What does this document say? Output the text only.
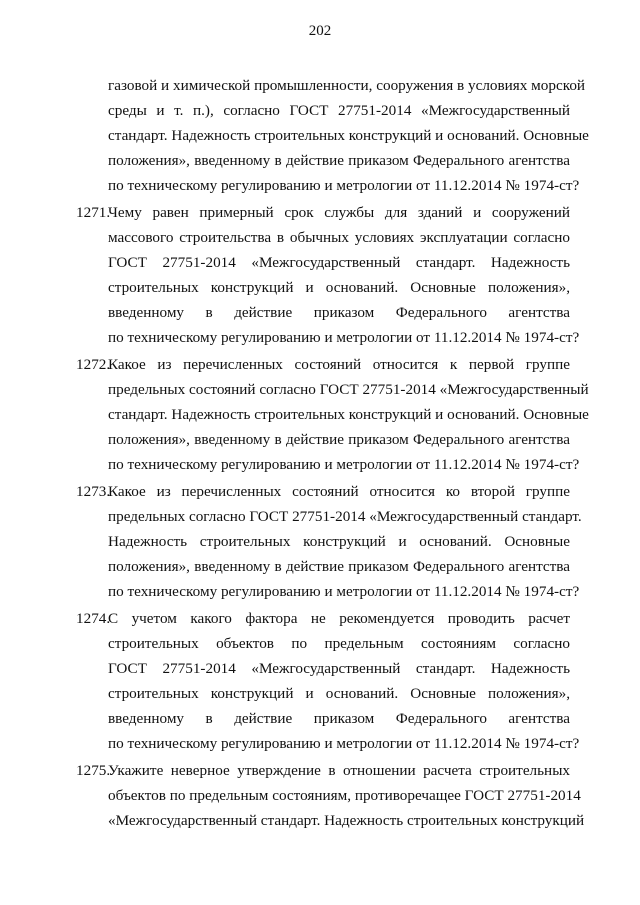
202
газовой и химической промышленности, сооружения в условиях морской
среды и т. п.), согласно ГОСТ 27751-2014 «Межгосударственный
стандарт. Надежность строительных конструкций и оснований. Основные
положения», введенному в действие приказом Федерального агентства
по техническому регулированию и метрологии от 11.12.2014 № 1974-ст?
1271.
Чему равен примерный срок службы для зданий и сооружений
массового строительства в обычных условиях эксплуатации согласно
ГОСТ 27751-2014 «Межгосударственный стандарт. Надежность
строительных конструкций и оснований. Основные положения»,
введенному в действие приказом Федерального агентства
по техническому регулированию и метрологии от 11.12.2014 № 1974-ст?
1272.
Какое из перечисленных состояний относится к первой группе
предельных состояний согласно ГОСТ 27751-2014 «Межгосударственный
стандарт. Надежность строительных конструкций и оснований. Основные
положения», введенному в действие приказом Федерального агентства
по техническому регулированию и метрологии от 11.12.2014 № 1974-ст?
1273.
Какое из перечисленных состояний относится ко второй группе
предельных согласно ГОСТ 27751-2014 «Межгосударственный стандарт.
Надежность строительных конструкций и оснований. Основные
положения», введенному в действие приказом Федерального агентства
по техническому регулированию и метрологии от 11.12.2014 № 1974-ст?
1274.
С учетом какого фактора не рекомендуется проводить расчет
строительных объектов по предельным состояниям согласно
ГОСТ 27751-2014 «Межгосударственный стандарт. Надежность
строительных конструкций и оснований. Основные положения»,
введенному в действие приказом Федерального агентства
по техническому регулированию и метрологии от 11.12.2014 № 1974-ст?
1275.
Укажите неверное утверждение в отношении расчета строительных
объектов по предельным состояниям, противоречащее ГОСТ 27751-2014
«Межгосударственный стандарт. Надежность строительных конструкций
